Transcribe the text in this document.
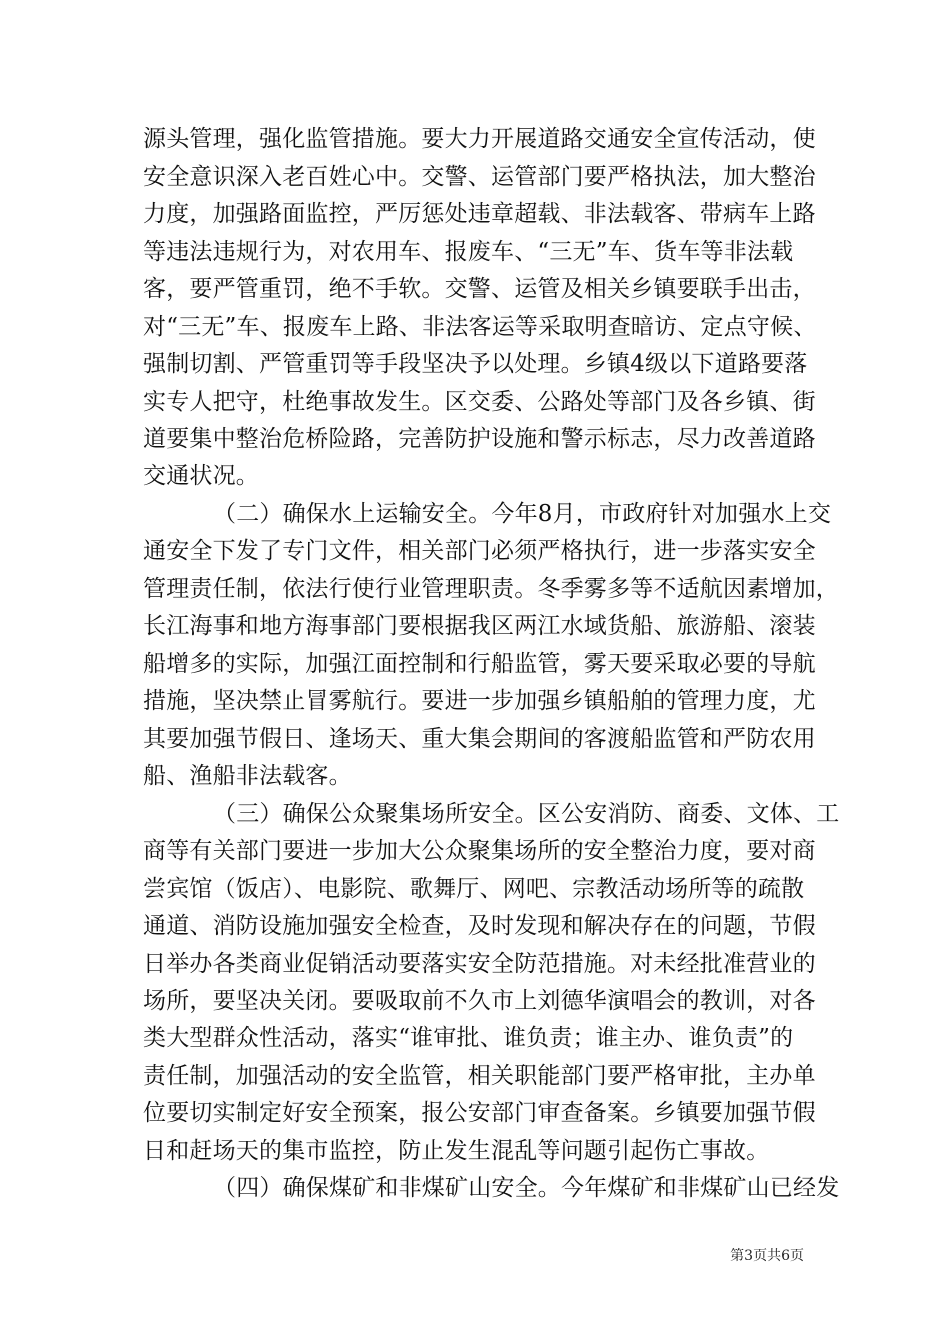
源头管理，强化监管措施。要大力开展道路交通安全宣传活动，使
安全意识深入老百姓心中。交警、运管部门要严格执法，加大整治
力度，加强路面监控，严厉惩处违章超载、非法载客、带病车上路
等违法违规行为，对农用车、报废车、“三无”车、货车等非法载
客，要严管重罚，绝不手软。交警、运管及相关乡镇要联手出击，
对“三无”车、报废车上路、非法客运等采取明查暗访、定点守候、
强制切割、严管重罚等手段坚决予以处理。乡镇4级以下道路要落
实专人把守，杜绝事故发生。区交委、公路处等部门及各乡镇、街
道要集中整治危桥险路，完善防护设施和警示标志，尽力改善道路
交通状况。
（二）确保水上运输安全。今年8月，市政府针对加强水上交
通安全下发了专门文件，相关部门必须严格执行，进一步落实安全
管理责任制，依法行使行业管理职责。冬季雾多等不适航因素增加，
长江海事和地方海事部门要根据我区两江水域货船、旅游船、滚装
船增多的实际，加强江面控制和行船监管，雾天要采取必要的导航
措施，坚决禁止冒雾航行。要进一步加强乡镇船舶的管理力度，尤
其要加强节假日、逢场天、重大集会期间的客渡船监管和严防农用
船、渔船非法载客。
（三）确保公众聚集场所安全。区公安消防、商委、文体、工
商等有关部门要进一步加大公众聚集场所的安全整治力度，要对商
尝宾馆（饭店）、电影院、歌舞厅、网吧、宗教活动场所等的疏散
通道、消防设施加强安全检查，及时发现和解决存在的问题，节假
日举办各类商业促销活动要落实安全防范措施。对未经批准营业的
场所，要坚决关闭。要吸取前不久市上刘德华演唱会的教训，对各
类大型群众性活动，落实“谁审批、谁负责；谁主办、谁负责”的
责任制，加强活动的安全监管，相关职能部门要严格审批，主办单
位要切实制定好安全预案，报公安部门审查备案。乡镇要加强节假
日和赶场天的集市监控，防止发生混乱等问题引起伤亡事故。
（四）确保煤矿和非煤矿山安全。今年煤矿和非煤矿山已经发
第3页共6页
